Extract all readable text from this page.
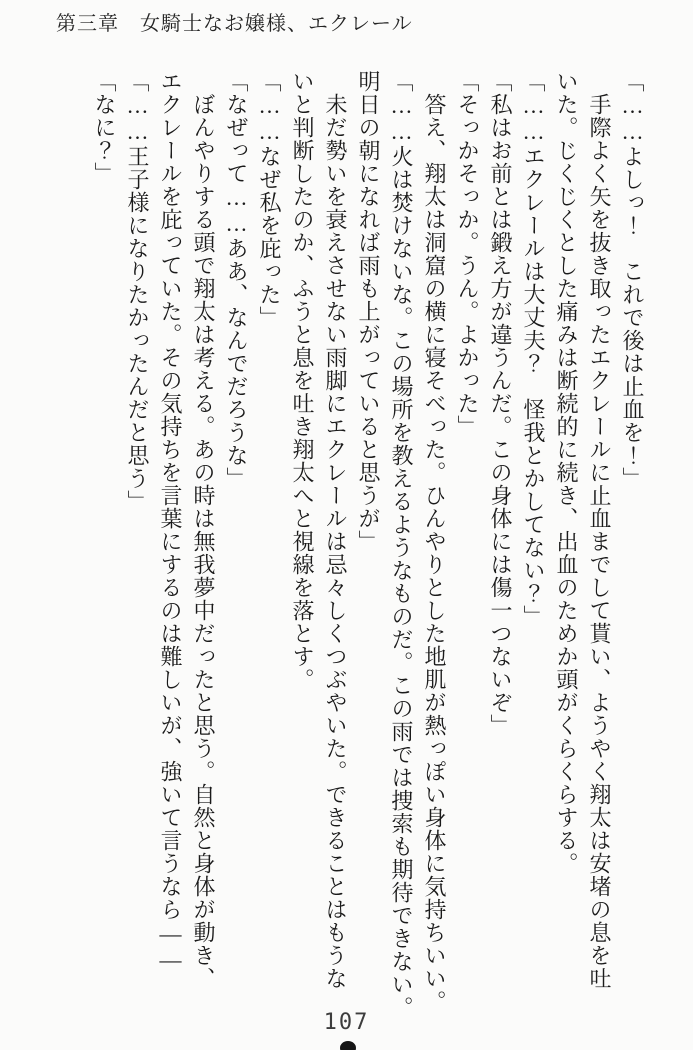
第三章　女騎士なお嬢様、エクレール
「……よしっ！　これで後は止血を！」
　手際よく矢を抜き取ったエクレールに止血までして貰い、ようやく翔太は安堵の息を吐
いた。じくじくとした痛みは断続的に続き、出血のためか頭がくらくらする。
「……エクレールは大丈夫？　怪我とかしてない？」
「私はお前とは鍛え方が違うんだ。この身体には傷一つないぞ」
「そっかそっか。うん。よかった」
　答え、翔太は洞窟の横に寝そべった。ひんやりとした地肌が熱っぽい身体に気持ちいい。
「……火は焚けないな。この場所を教えるようなものだ。この雨では捜索も期待できない。
明日の朝になれば雨も上がっていると思うが」
　未だ勢いを衰えさせない雨脚にエクレールは忌々しくつぶやいた。できることはもうな
いと判断したのか、ふうと息を吐き翔太へと視線を落とす。
「……なぜ私を庇った」
「なぜって……ああ、なんでだろうな」
　ぼんやりする頭で翔太は考える。あの時は無我夢中だったと思う。自然と身体が動き、
エクレールを庇っていた。その気持ちを言葉にするのは難しいが、強いて言うなら――
「……王子様になりたかったんだと思う」
「なに？」
107
